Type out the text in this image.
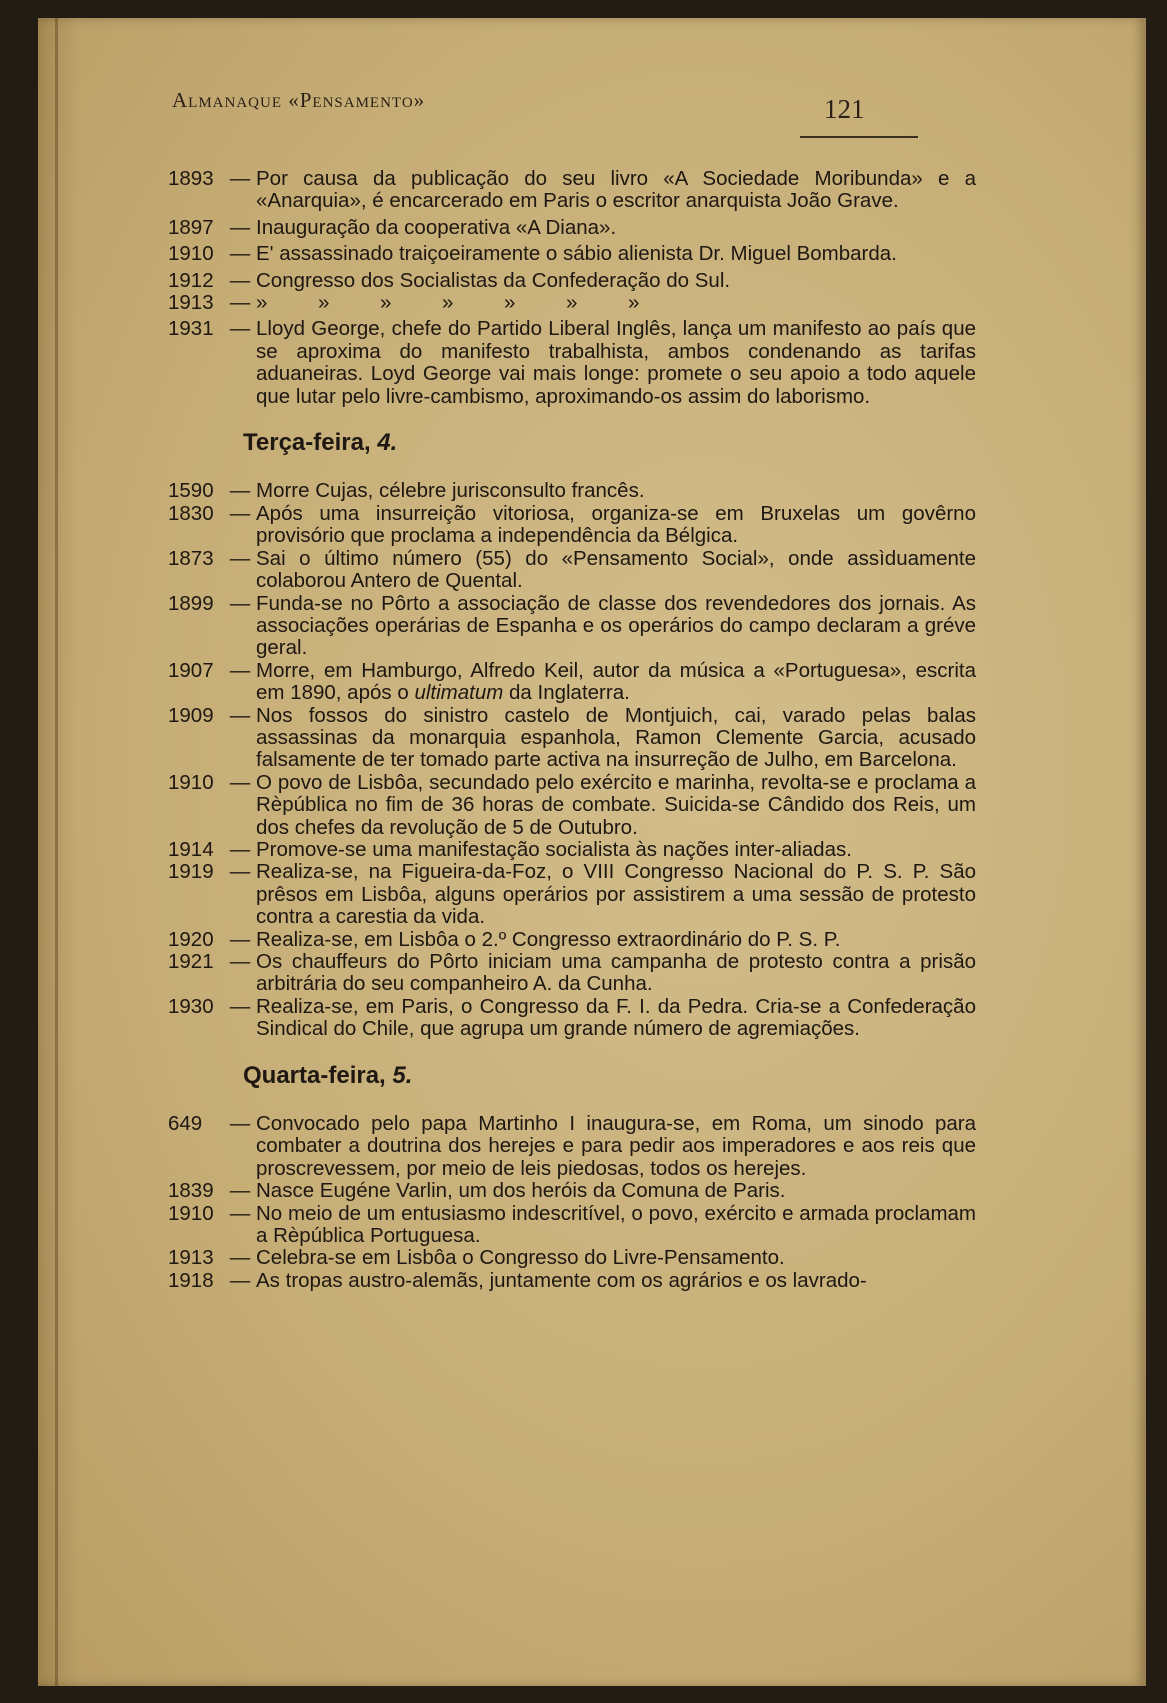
Almanaque «Pensamento»	121
1893 — Por causa da publicação do seu livro «A Sociedade Moribunda» e a «Anarquia», é encarcerado em Paris o escritor anarquista João Grave.
1897 — Inauguração da cooperativa «A Diana».
1910 — E' assassinado traiçoeiramente o sábio alienista Dr. Miguel Bombarda.
1912 — Congresso dos Socialistas da Confederação do Sul.
1913 — » » » » » » »
1931 — Lloyd George, chefe do Partido Liberal Inglês, lança um manifesto ao país que se aproxima do manifesto trabalhista, ambos condenando as tarifas aduaneiras. Loyd George vai mais longe: promete o seu apoio a todo aquele que lutar pelo livre-cambismo, aproximando-os assim do laborismo.
Terça-feira, 4.
1590 — Morre Cujas, célebre jurisconsulto francês.
1830 — Após uma insurreição vitoriosa, organiza-se em Bruxelas um govêrno provisório que proclama a independência da Bélgica.
1873 — Sai o último número (55) do «Pensamento Social», onde assìduamente colaborou Antero de Quental.
1899 — Funda-se no Pôrto a associação de classe dos revendedores dos jornais. As associações operárias de Espanha e os operários do campo declaram a gréve geral.
1907 — Morre, em Hamburgo, Alfredo Keil, autor da música a «Portuguesa», escrita em 1890, após o ultimatum da Inglaterra.
1909 — Nos fossos do sinistro castelo de Montjuich, cai, varado pelas balas assassinas da monarquia espanhola, Ramon Clemente Garcia, acusado falsamente de ter tomado parte activa na insurreção de Julho, em Barcelona.
1910 — O povo de Lisbôa, secundado pelo exército e marinha, revolta-se e proclama a Rèpública no fim de 36 horas de combate. Suicida-se Cândido dos Reis, um dos chefes da revolução de 5 de Outubro.
1914 — Promove-se uma manifestação socialista às nações inter-aliadas.
1919 — Realiza-se, na Figueira-da-Foz, o VIII Congresso Nacional do P. S. P. São prêsos em Lisbôa, alguns operários por assistirem a uma sessão de protesto contra a carestia da vida.
1920 — Realiza-se, em Lisbôa o 2.º Congresso extraordinário do P. S. P.
1921 — Os chauffeurs do Pôrto iniciam uma campanha de protesto contra a prisão arbitrária do seu companheiro A. da Cunha.
1930 — Realiza-se, em Paris, o Congresso da F. I. da Pedra. Cria-se a Confederação Sindical do Chile, que agrupa um grande número de agremiações.
Quarta-feira, 5.
649	— Convocado pelo papa Martinho I inaugura-se, em Roma, um sinodo para combater a doutrina dos herejes e para pedir aos imperadores e aos reis que proscrevessem, por meio de leis piedosas, todos os herejes.
1839 — Nasce Eugéne Varlin, um dos heróis da Comuna de Paris.
1910 — No meio de um entusiasmo indescritível, o povo, exército e armada proclamam a Rèpública Portuguesa.
1913 — Celebra-se em Lisbôa o Congresso do Livre-Pensamento.
1918 — As tropas austro-alemãs, juntamente com os agrários e os lavrado-
